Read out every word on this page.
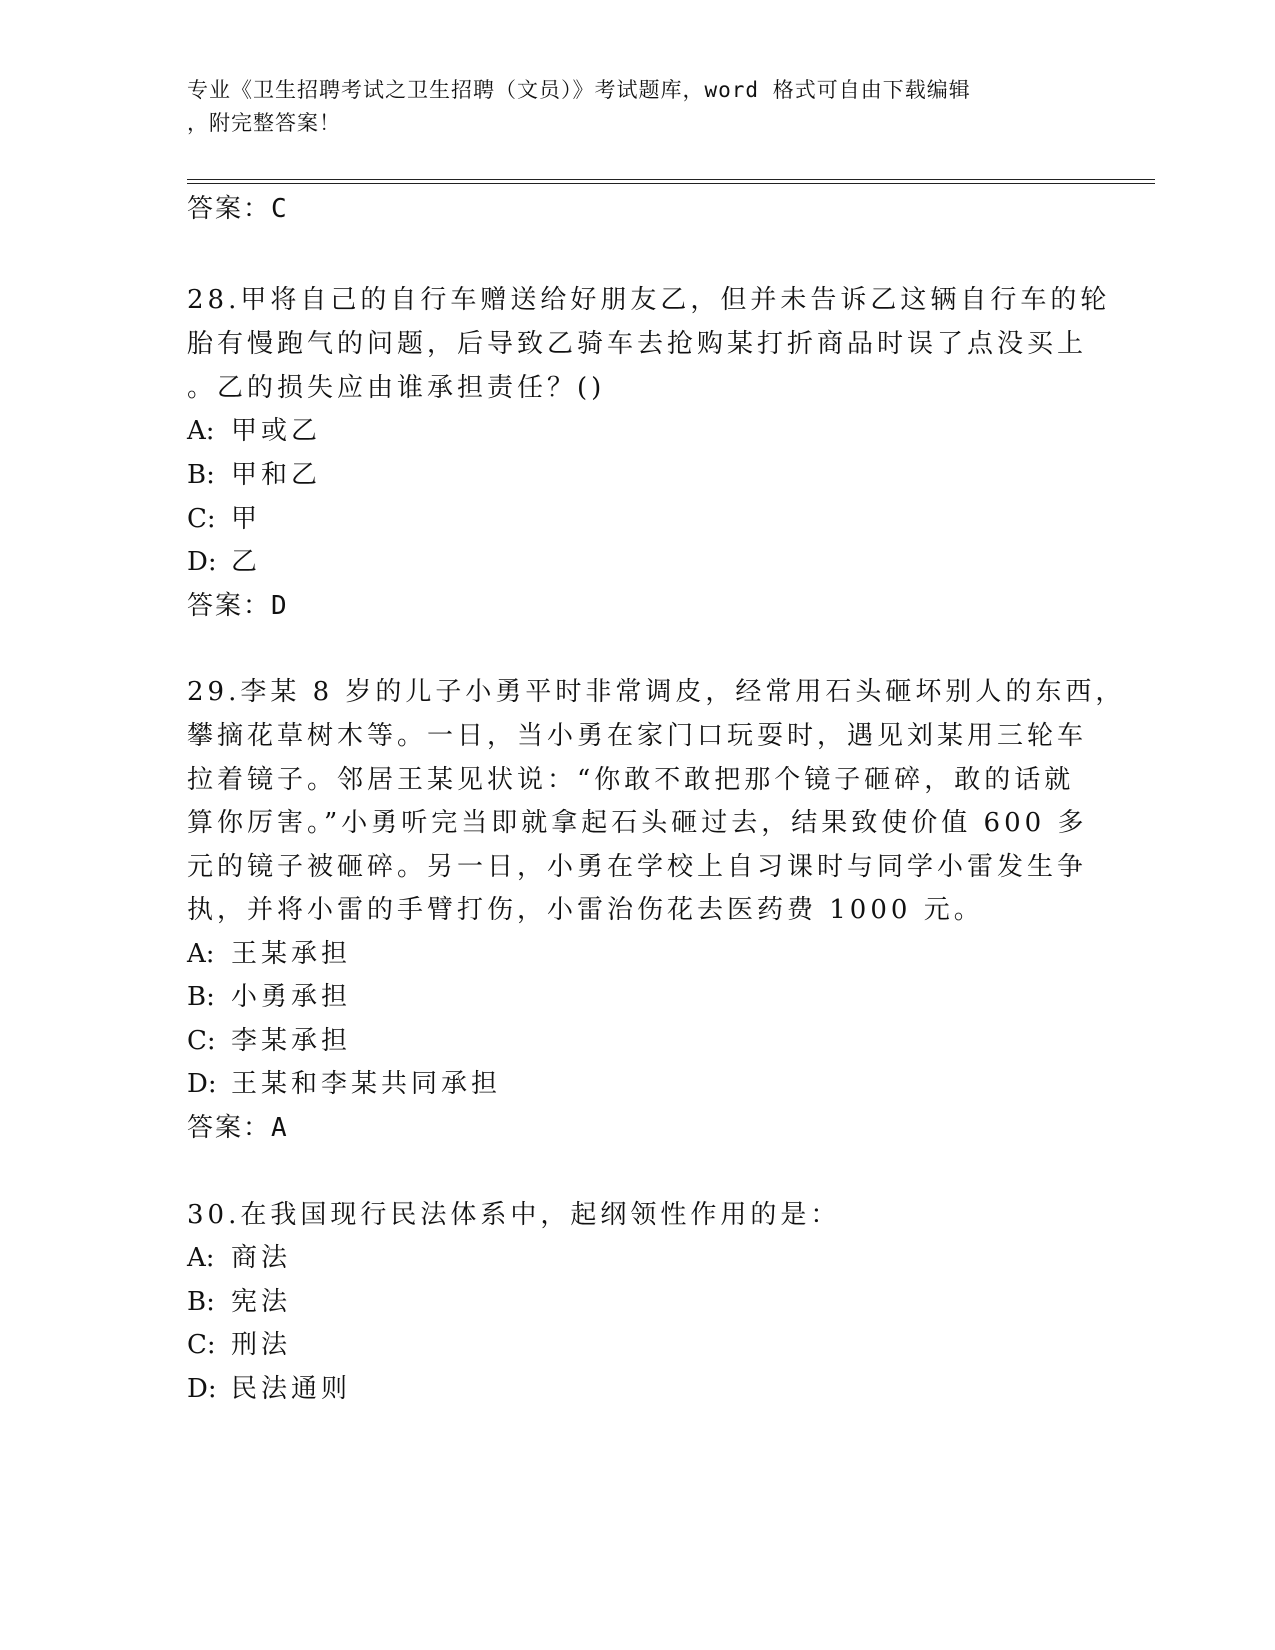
专业《卫生招聘考试之卫生招聘（文员）》考试题库，word 格式可自由下载编辑
，附完整答案！
答案：C
28.甲将自己的自行车赠送给好朋友乙，但并未告诉乙这辆自行车的轮
胎有慢跑气的问题，后导致乙骑车去抢购某打折商品时误了点没买上
。乙的损失应由谁承担责任？()
A: 甲或乙
B: 甲和乙
C: 甲
D: 乙
答案：D
29.李某 8 岁的儿子小勇平时非常调皮，经常用石头砸坏别人的东西，
攀摘花草树木等。一日，当小勇在家门口玩耍时，遇见刘某用三轮车
拉着镜子。邻居王某见状说：“你敢不敢把那个镜子砸碎，敢的话就
算你厉害。”小勇听完当即就拿起石头砸过去，结果致使价值 600 多
元的镜子被砸碎。另一日，小勇在学校上自习课时与同学小雷发生争
执，并将小雷的手臂打伤，小雷治伤花去医药费 1000 元。
A: 王某承担
B: 小勇承担
C: 李某承担
D: 王某和李某共同承担
答案：A
30.在我国现行民法体系中，起纲领性作用的是：
A: 商法
B: 宪法
C: 刑法
D: 民法通则
